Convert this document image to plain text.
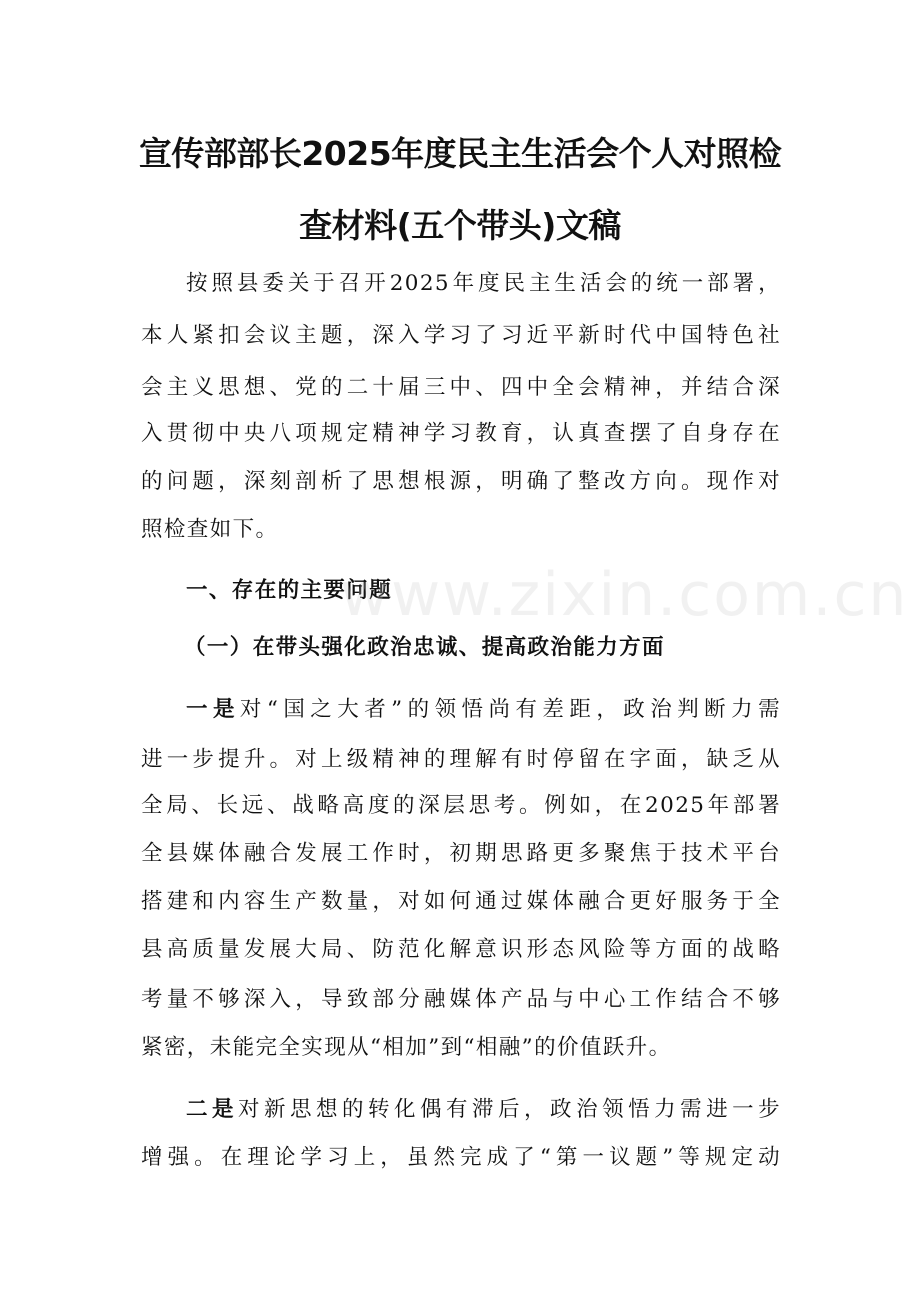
宣传部部长2025年度民主生活会个人对照检
查材料(五个带头)文稿
按照县委关于召开2025年度民主生活会的统一部署，
本人紧扣会议主题，深入学习了习近平新时代中国特色社
会主义思想、党的二十届三中、四中全会精神，并结合深
入贯彻中央八项规定精神学习教育，认真查摆了自身存在
的问题，深刻剖析了思想根源，明确了整改方向。现作对
照检查如下。
一、存在的主要问题
（一）在带头强化政治忠诚、提高政治能力方面
一是对“国之大者”的领悟尚有差距，政治判断力需
进一步提升。对上级精神的理解有时停留在字面，缺乏从
全局、长远、战略高度的深层思考。例如，在2025年部署
全县媒体融合发展工作时，初期思路更多聚焦于技术平台
搭建和内容生产数量，对如何通过媒体融合更好服务于全
县高质量发展大局、防范化解意识形态风险等方面的战略
考量不够深入，导致部分融媒体产品与中心工作结合不够
紧密，未能完全实现从“相加”到“相融”的价值跃升。
二是对新思想的转化偶有滞后，政治领悟力需进一步
增强。在理论学习上，虽然完成了“第一议题”等规定动
www.zixin.com.cn
